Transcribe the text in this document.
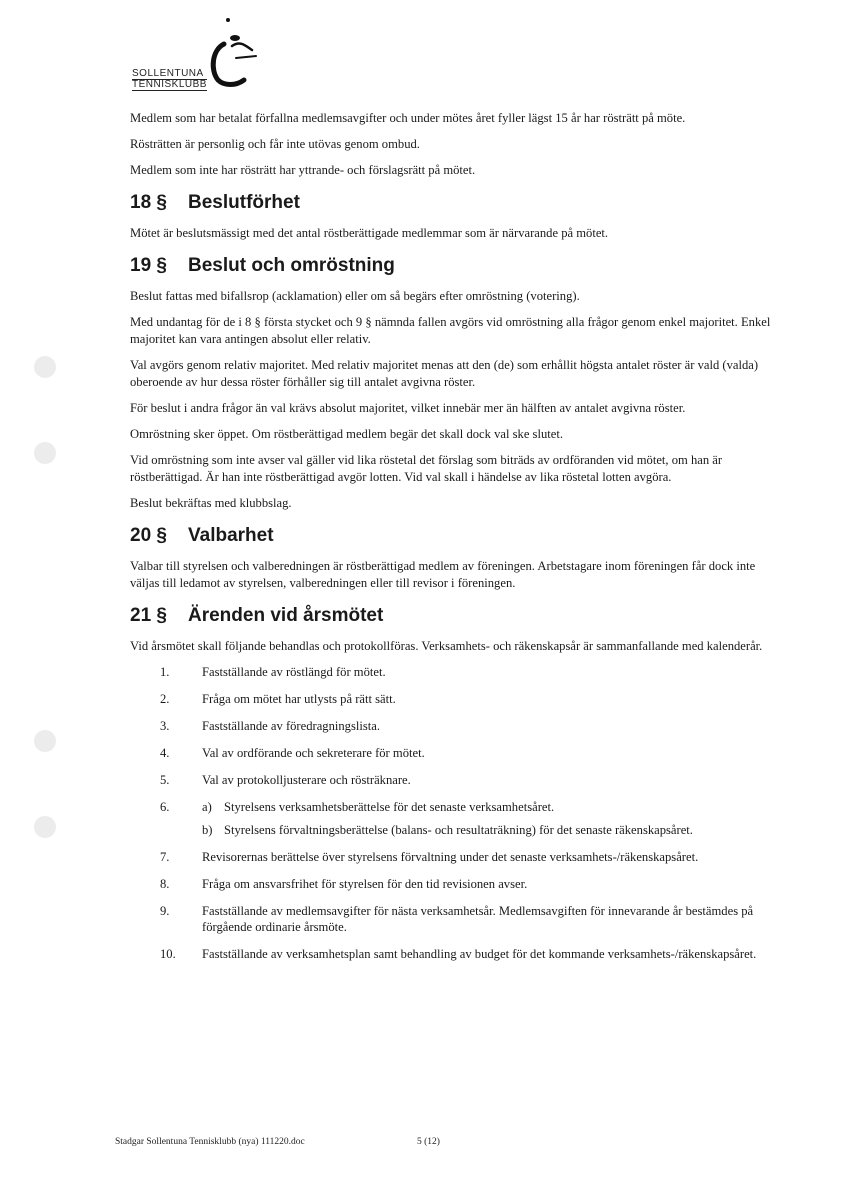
SOLLENTUNA
TENNISKLUBB

Medlem som har betalat förfallna medlemsavgifter och under mötes året fyller lägst 15 år har rösträtt på möte.

Rösträtten är personlig och får inte utövas genom ombud.

Medlem som inte har rösträtt har yttrande- och förslagsrätt på mötet.

18 § Beslutförhet

Mötet är beslutsmässigt med det antal röstberättigade medlemmar som är närvarande på mötet.

19 § Beslut och omröstning

Beslut fattas med bifallsrop (acklamation) eller om så begärs efter omröstning (votering).

Med undantag för de i 8 § första stycket och 9 § nämnda fallen avgörs vid omröstning alla frågor genom enkel majoritet. Enkel majoritet kan vara antingen absolut eller relativ.

Val avgörs genom relativ majoritet. Med relativ majoritet menas att den (de) som erhållit högsta antalet röster är vald (valda) oberoende av hur dessa röster förhåller sig till antalet avgivna röster.

För beslut i andra frågor än val krävs absolut majoritet, vilket innebär mer än hälften av antalet avgivna röster.

Omröstning sker öppet. Om röstberättigad medlem begär det skall dock val ske slutet.

Vid omröstning som inte avser val gäller vid lika röstetal det förslag som biträds av ordföranden vid mötet, om han är röstberättigad. Är han inte röstberättigad avgör lotten. Vid val skall i händelse av lika röstetal lotten avgöra.

Beslut bekräftas med klubbslag.

20 § Valbarhet

Valbar till styrelsen och valberedningen är röstberättigad medlem av föreningen. Arbetstagare inom föreningen får dock inte väljas till ledamot av styrelsen, valberedningen eller till revisor i föreningen.

21 § Ärenden vid årsmötet

Vid årsmötet skall följande behandlas och protokollföras. Verksamhets- och räkenskapsår är sammanfallande med kalenderår.

1.	Fastställande av röstlängd för mötet.
2.	Fråga om mötet har utlysts på rätt sätt.
3.	Fastställande av föredragningslista.
4.	Val av ordförande och sekreterare för mötet.
5.	Val av protokolljusterare och rösträknare.
6.	a) Styrelsens verksamhetsberättelse för det senaste verksamhetsåret.
b) Styrelsens förvaltningsberättelse (balans- och resultaträkning) för det senaste räkenskapsåret.
7.	Revisorernas berättelse över styrelsens förvaltning under det senaste verksamhets-/räkenskapsåret.
8.	Fråga om ansvarsfrihet för styrelsen för den tid revisionen avser.
9.	Fastställande av medlemsavgifter för nästa verksamhetsår. Medlemsavgiften för innevarande år bestämdes på förgående ordinarie årsmöte.
10. Fastställande av verksamhetsplan samt behandling av budget för det kommande verksamhets-/räkenskapsåret.
Stadgar Sollentuna Tennisklubb (nya) 111220.doc	5 (12)
